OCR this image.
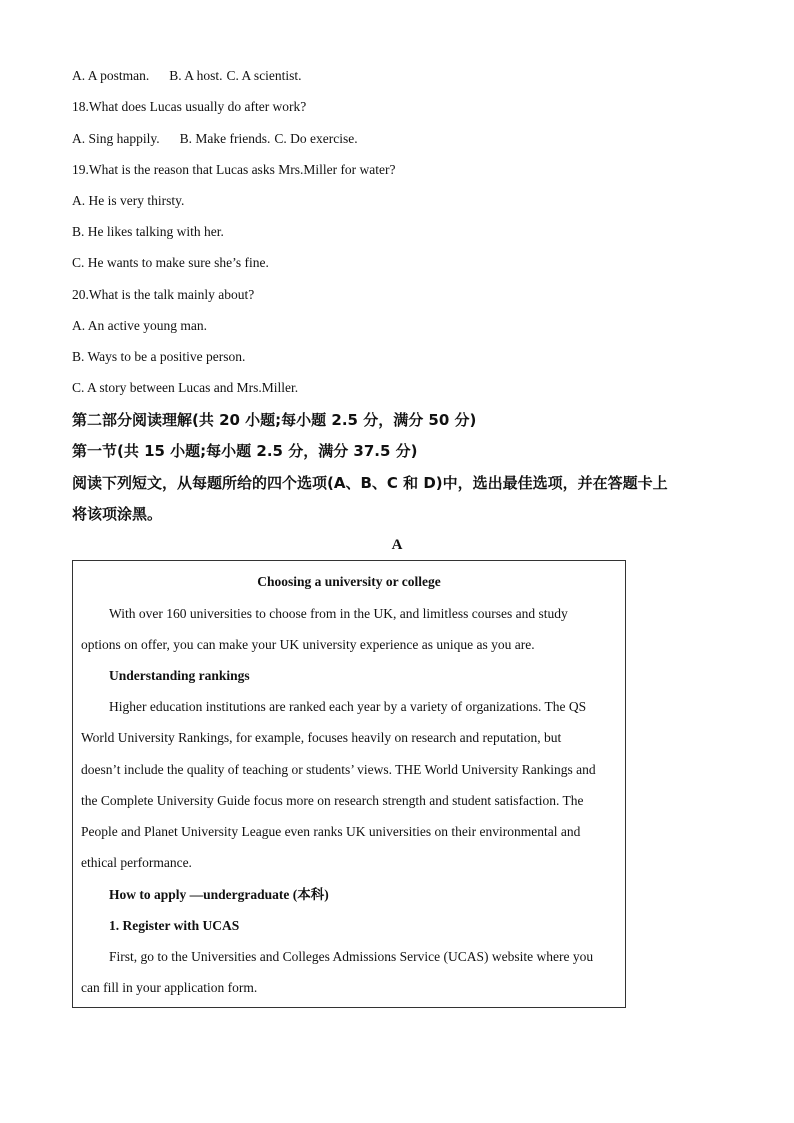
A. A postman. B. A host. C. A scientist.
18.What does Lucas usually do after work?
A. Sing happily. B. Make friends. C. Do exercise.
19.What is the reason that Lucas asks Mrs.Miller for water?
A. He is very thirsty.
B. He likes talking with her.
C. He wants to make sure she’s fine.
20.What is the talk mainly about?
A. An active young man.
B. Ways to be a positive person.
C. A story between Lucas and Mrs.Miller.
第二部分阅读理解(共 20 小题;每小题 2.5 分，满分 50 分)
第一节(共 15 小题;每小题 2.5 分，满分 37.5 分)
阅读下列短文，从每题所给的四个选项(A、B、C 和 D)中，选出最佳选项，并在答题卡上
将该项涂黑。
A
Choosing a university or college
With over 160 universities to choose from in the UK, and limitless courses and study
options on offer, you can make your UK university experience as unique as you are.
Understanding rankings
Higher education institutions are ranked each year by a variety of organizations. The QS
World University Rankings, for example, focuses heavily on research and reputation, but
doesn’t include the quality of teaching or students’ views. THE World University Rankings and
the Complete University Guide focus more on research strength and student satisfaction. The
People and Planet University League even ranks UK universities on their environmental and
ethical performance.
How to apply —undergraduate (本科)
1. Register with UCAS
First, go to the Universities and Colleges Admissions Service (UCAS) website where you
can fill in your application form.
